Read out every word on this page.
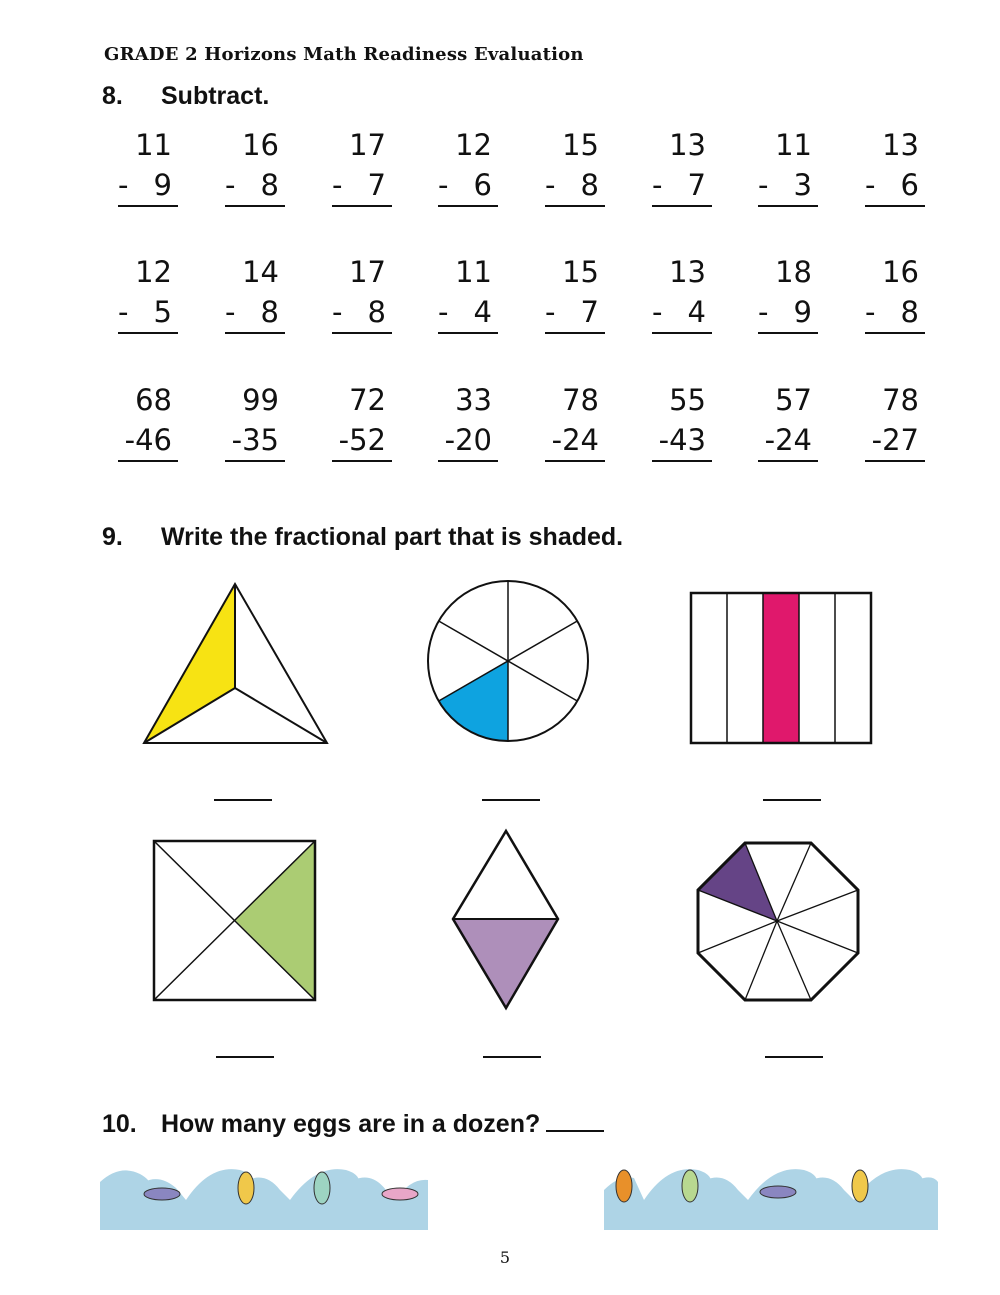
GRADE 2 Horizons Math Readiness Evaluation
8. Subtract.
11
- 9
16
- 8
17
- 7
12
- 6
15
- 8
13
- 7
11
- 3
13
- 6
12
- 5
14
- 8
17
- 8
11
- 4
15
- 7
13
- 4
18
- 9
16
- 8
68
-46
99
-35
72
-52
33
-20
78
-24
55
-43
57
-24
78
-27
9. Write the fractional part that is shaded.
10. How many eggs are in a dozen?
5
